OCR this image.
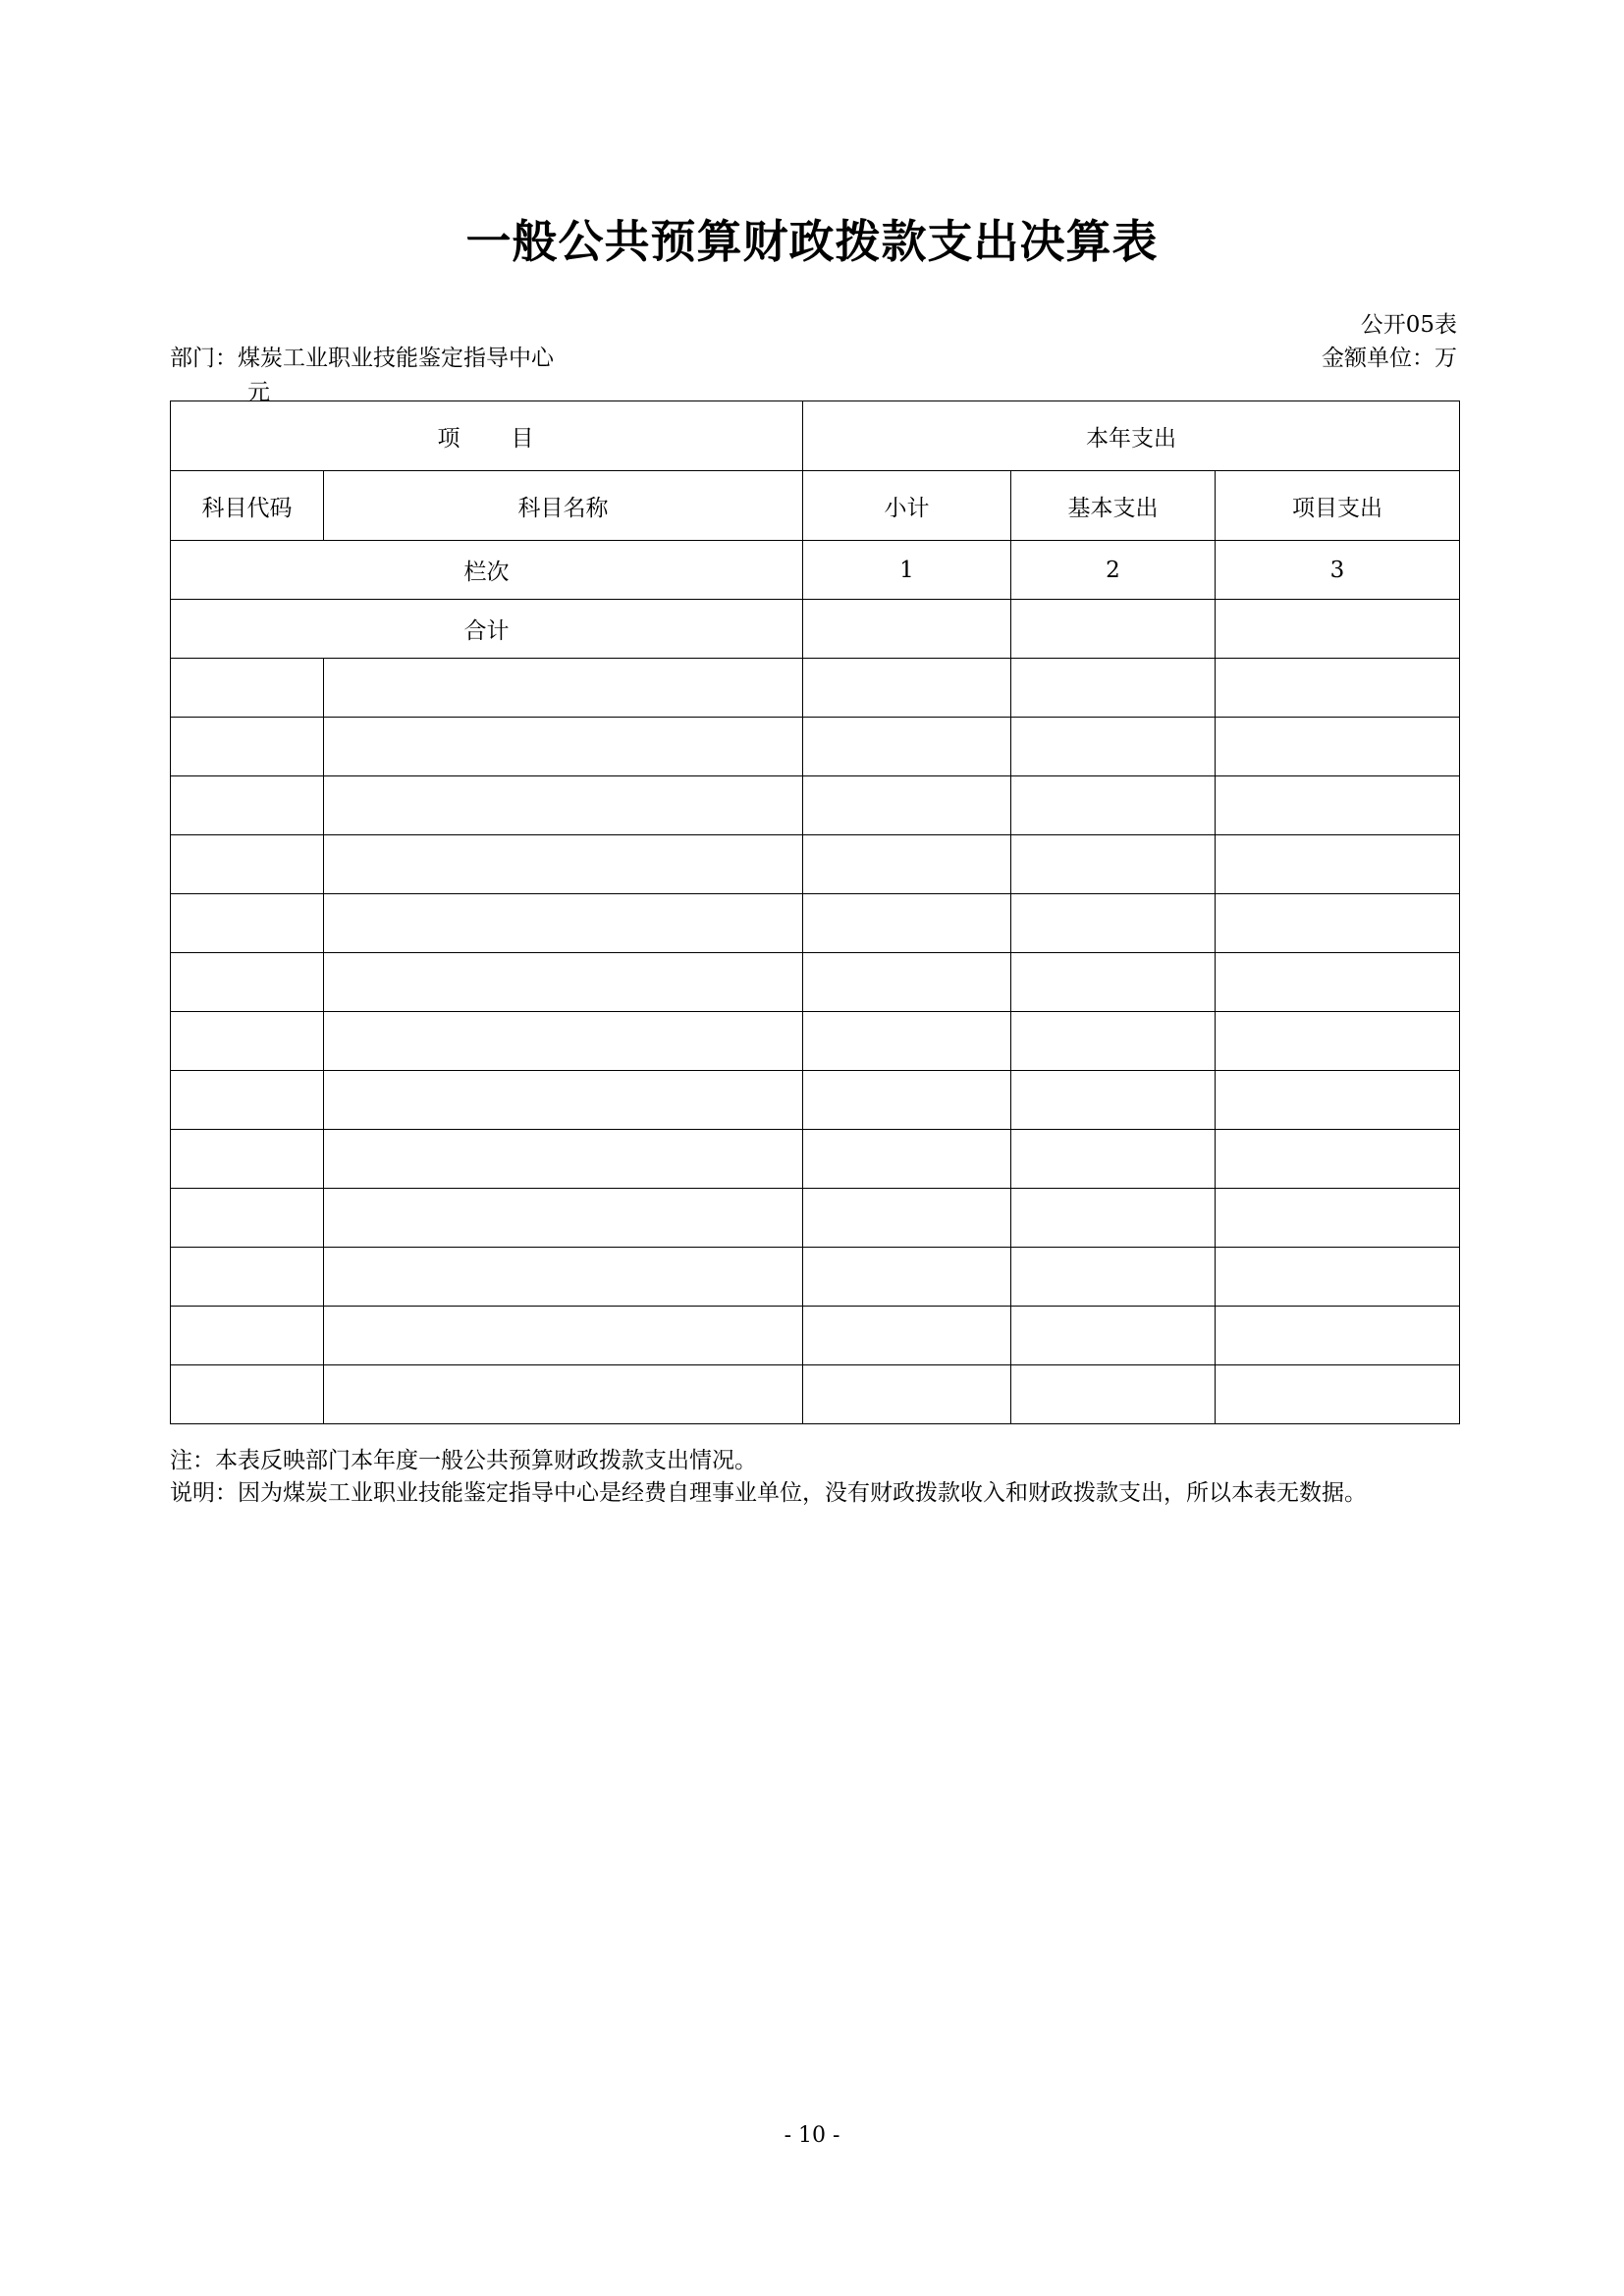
一般公共预算财政拨款支出决算表
公开05表
部门：煤炭工业职业技能鉴定指导中心	金额单位：万
元
项　　目		本年支出		
科目代码	科目名称	小计	基本支出	项目支出
栏次		1	2	3
合计				

注：本表反映部门本年度一般公共预算财政拨款支出情况。
说明：因为煤炭工业职业技能鉴定指导中心是经费自理事业单位，没有财政拨款收入和财政拨款支出，所以本表无数据。
- 10 -
